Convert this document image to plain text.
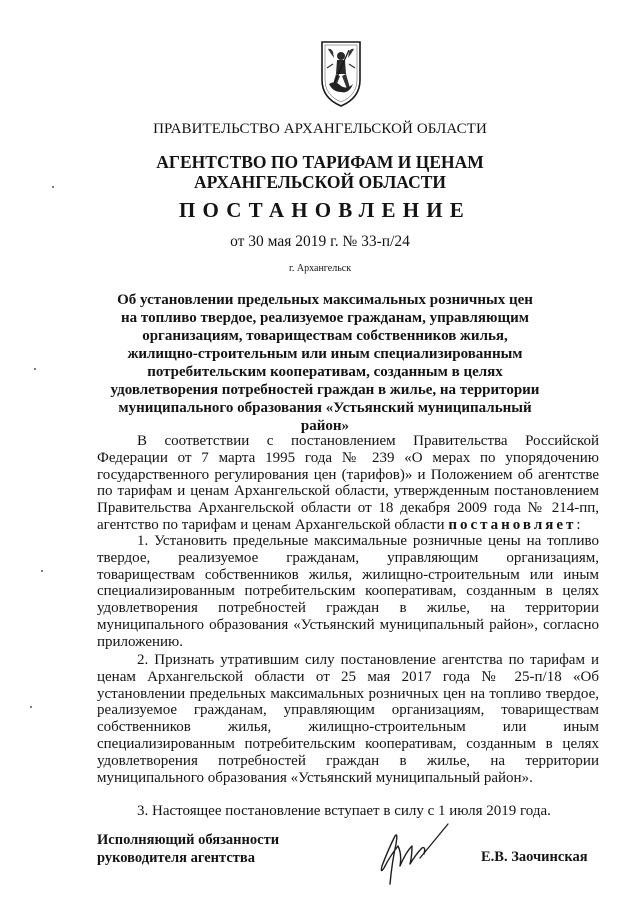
ПРАВИТЕЛЬСТВО АРХАНГЕЛЬСКОЙ ОБЛАСТИ
АГЕНТСТВО ПО ТАРИФАМ И ЦЕНАМ
АРХАНГЕЛЬСКОЙ ОБЛАСТИ
ПОСТАНОВЛЕНИЕ
от 30 мая 2019 г. № 33-п/24
г. Архангельск
Об установлении предельных максимальных розничных цен на топливо твердое, реализуемое гражданам, управляющим организациям, товариществам собственников жилья, жилищно-строительным или иным специализированным потребительским кооперативам, созданным в целях удовлетворения потребностей граждан в жилье, на территории муниципального образования «Устьянский муниципальный район»
В соответствии с постановлением Правительства Российской Федерации от 7 марта 1995 года № 239 «О мерах по упорядочению государственного регулирования цен (тарифов)» и Положением об агентстве по тарифам и ценам Архангельской области, утвержденным постановлением Правительства Архангельской области от 18 декабря 2009 года № 214-пп, агентство по тарифам и ценам Архангельской области постановляет:
1. Установить предельные максимальные розничные цены на топливо твердое, реализуемое гражданам, управляющим организациям, товариществам собственников жилья, жилищно-строительным или иным специализированным потребительским кооперативам, созданным в целях удовлетворения потребностей граждан в жилье, на территории муниципального образования «Устьянский муниципальный район», согласно приложению.
2. Признать утратившим силу постановление агентства по тарифам и ценам Архангельской области от 25 мая 2017 года № 25-п/18 «Об установлении предельных максимальных розничных цен на топливо твердое, реализуемое гражданам, управляющим организациям, товариществам собственников жилья, жилищно-строительным или иным специализированным потребительским кооперативам, созданным в целях удовлетворения потребностей граждан в жилье, на территории муниципального образования «Устьянский муниципальный район».
3. Настоящее постановление вступает в силу с 1 июля 2019 года.
Исполняющий обязанности
руководителя агентства	Е.В. Заочинская
